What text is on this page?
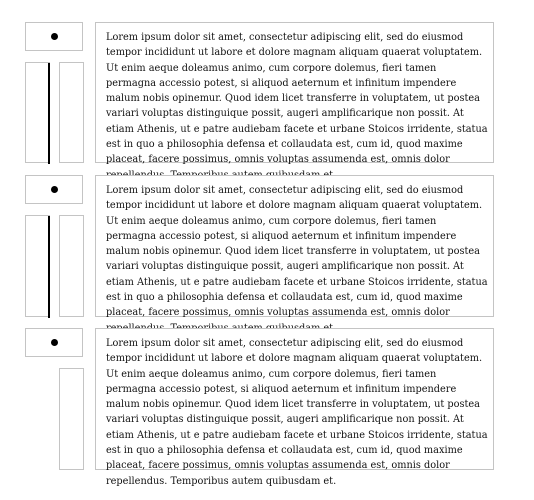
Lorem ipsum dolor sit amet, consectetur adipiscing elit, sed do eiusmod tempor incididunt ut labore et dolore magnam aliquam quaerat voluptatem. Ut enim aeque doleamus animo, cum corpore dolemus, fieri tamen permagna accessio potest, si aliquod aeternum et infinitum impendere malum nobis opinemur. Quod idem licet transferre in voluptatem, ut postea variari voluptas distinguique possit, augeri amplificarique non possit. At etiam Athenis, ut e patre audiebam facete et urbane Stoicos irridente, statua est in quo a philosophia defensa et collaudata est, cum id, quod maxime placeat, facere possimus, omnis voluptas assumenda est, omnis dolor
Lorem ipsum dolor sit amet, consectetur adipiscing elit, sed do eiusmod tempor incididunt ut labore et dolore magnam aliquam quaerat voluptatem. Ut enim aeque doleamus animo, cum corpore dolemus, fieri tamen permagna accessio potest, si aliquod aeternum et infinitum impendere malum nobis opinemur. Quod idem licet transferre in voluptatem, ut postea variari voluptas distinguique possit, augeri amplificarique non possit. At etiam Athenis, ut e patre audiebam facete et urbane Stoicos irridente, statua est in quo a philosophia defensa et collaudata est, cum id, quod maxime placeat, facere possimus, omnis voluptas assumenda est, omnis dolor
Lorem ipsum dolor sit amet, consectetur adipiscing elit, sed do eiusmod tempor incididunt ut labore et dolore magnam aliquam quaerat voluptatem. Ut enim aeque doleamus animo, cum corpore dolemus, fieri tamen permagna accessio potest, si aliquod aeternum et infinitum impendere malum nobis opinemur. Quod idem licet transferre in voluptatem, ut postea variari voluptas distinguique possit, augeri amplificarique non possit. At etiam Athenis, ut e patre audiebam facete et urbane Stoicos irridente, statua est in quo a philosophia defensa et collaudata est, cum id, quod maxime placeat, facere possimus, omnis voluptas assumenda est, omnis dolor repellendus. Temporibus autem quibusdam et.
